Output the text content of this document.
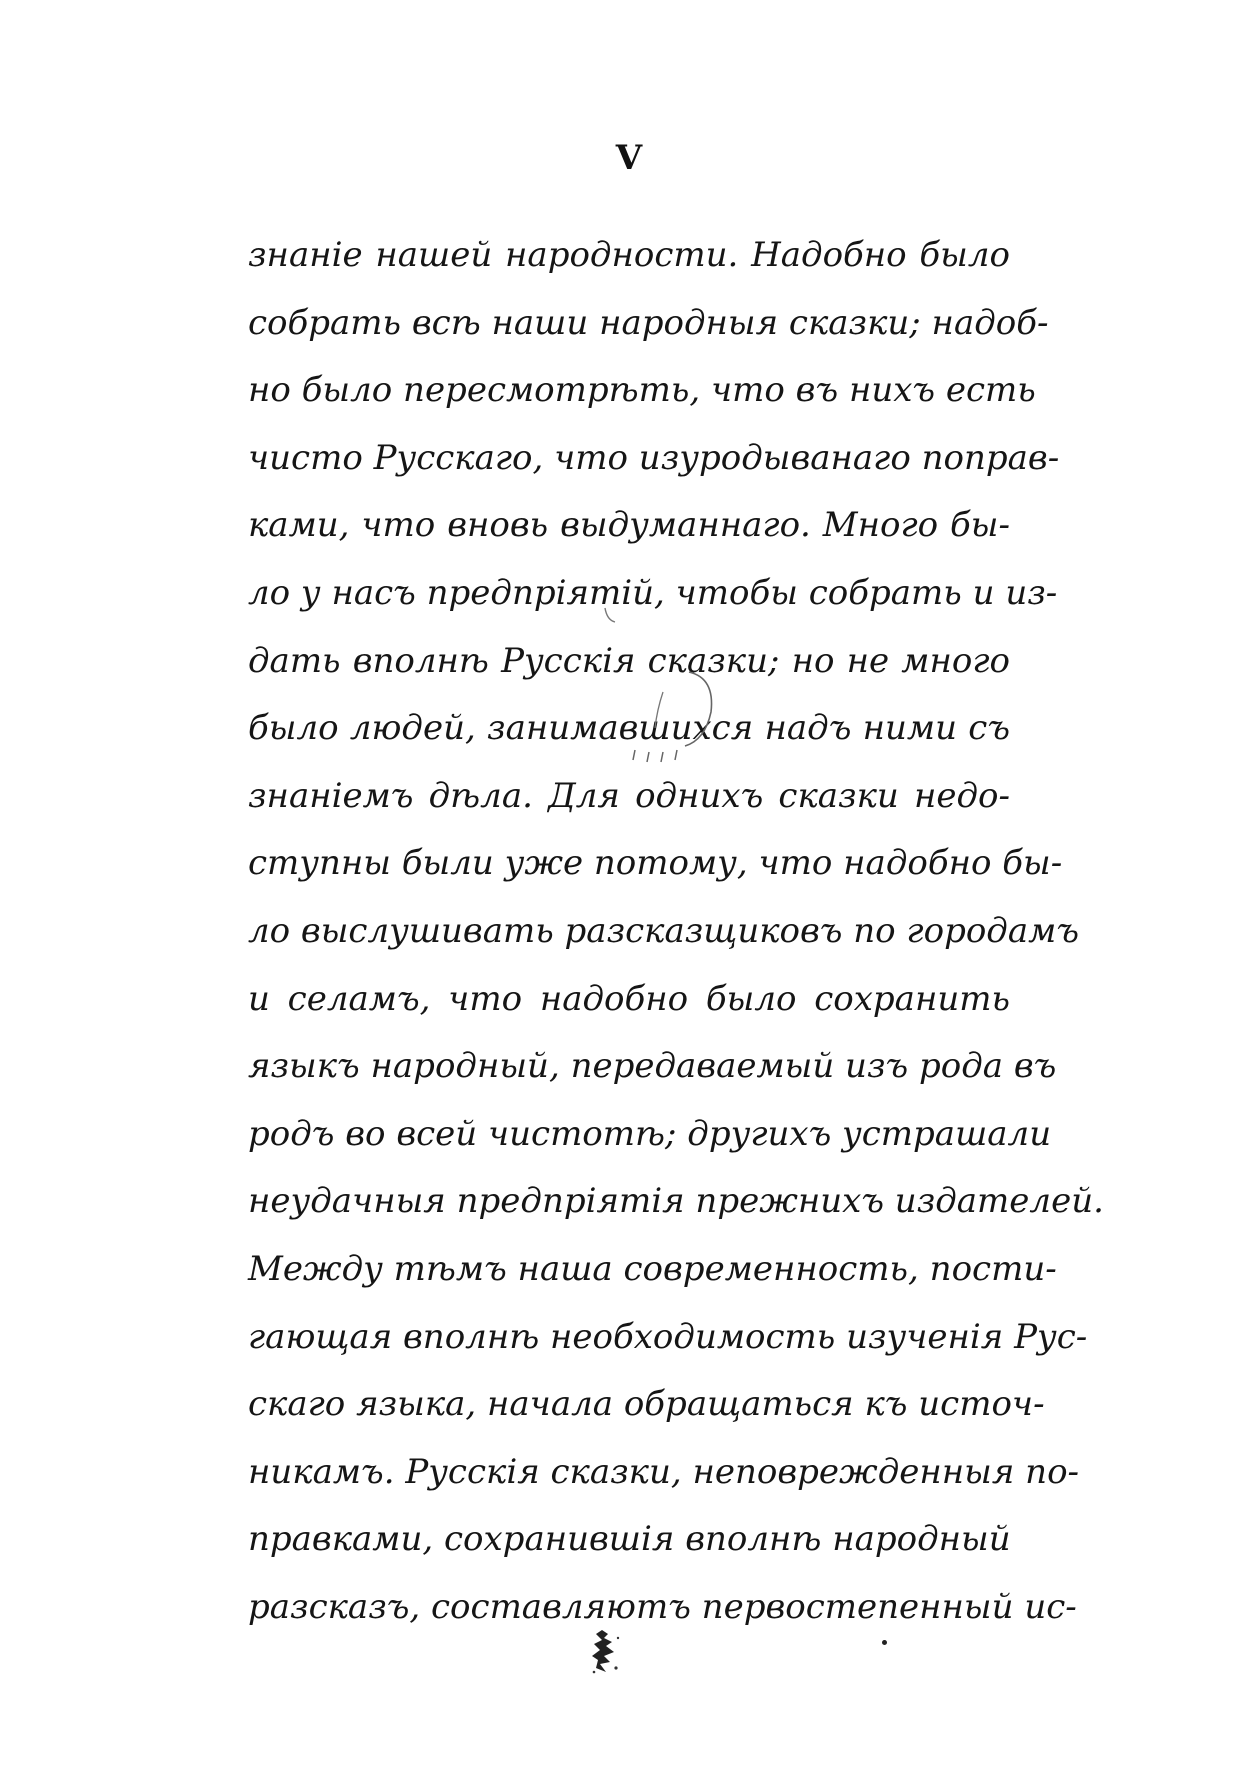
V
знаніе нашей народности. Надобно было
собрать всѣ наши народныя сказки; надоб-
но было пересмотрѣть, что въ нихъ есть
чисто Русскаго, что изуродыванаго поправ-
ками, что вновь выдуманнаго. Много бы-
ло у насъ предпріятій, чтобы собрать и из-
дать вполнѣ Русскія сказки; но не много
было людей, занимавшихся надъ ними съ
знаніемъ дѣла. Для однихъ сказки недо-
ступны были уже потому, что надобно бы-
ло выслушивать разсказщиковъ по городамъ
и селамъ, что надобно было сохранить
языкъ народный, передаваемый изъ рода въ
родъ во всей чистотѣ; другихъ устрашали
неудачныя предпріятія прежнихъ издателей.
Между тѣмъ наша современность, пости-
гающая вполнѣ необходимость изученія Рус-
скаго языка, начала обращаться къ источ-
никамъ. Русскія сказки, неповрежденныя по-
правками, сохранившія вполнѣ народный
разсказъ, составляютъ первостепенный ис-
